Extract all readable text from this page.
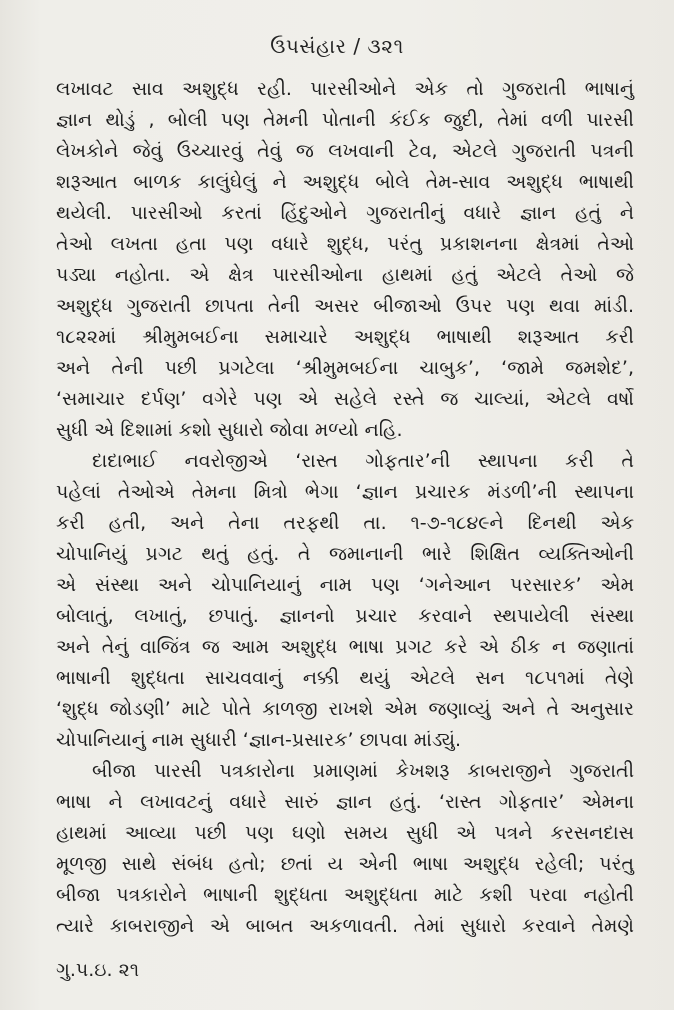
ઉપસંહાર / ૩૨૧
લખાવટ સાવ અશુદ્ધ રહી. પારસીઓને એક તો ગુજરાતી ભાષાનું
જ્ઞાન થોડું , બોલી પણ તેમની પોતાની કંઈક જુદી, તેમાં વળી પારસી
લેખકોને જેવું ઉચ્ચારવું તેવું જ લખવાની ટેવ, એટલે ગુજરાતી પત્રની
શરૂઆત બાળક કાલુંઘેલું ને અશુદ્ધ બોલે તેમ-સાવ અશુદ્ધ ભાષાથી
થયેલી. પારસીઓ કરતાં હિંદુઓને ગુજરાતીનું વધારે જ્ઞાન હતું ને
તેઓ લખતા હતા પણ વધારે શુદ્ધ, પરંતુ પ્રકાશનના ક્ષેત્રમાં તેઓ
પડ્યા નહોતા. એ ક્ષેત્ર પારસીઓના હાથમાં હતું એટલે તેઓ જે
અશુદ્ધ ગુજરાતી છાપતા તેની અસર બીજાઓ ઉપર પણ થવા માંડી.
૧૮૨૨માં શ્રીમુમબઈના સમાચારે અશુદ્ધ ભાષાથી શરૂઆત કરી
અને તેની પછી પ્રગટેલા ‘શ્રીમુમબઈના ચાબુક’, ‘જામે જમશેદ’,
‘સમાચાર દર્પણ’ વગેરે પણ એ સહેલે રસ્તે જ ચાલ્યાં, એટલે વર્ષો
સુધી એ દિશામાં કશો સુધારો જોવા મળ્યો નહિ.
દાદાભાઈ નવરોજીએ ‘રાસ્ત ગોફતાર’ની સ્થાપના કરી તે
પહેલાં તેઓએ તેમના મિત્રો ભેગા ‘જ્ઞાન પ્રચારક મંડળી’ની સ્થાપના
કરી હતી, અને તેના તરફથી તા. ૧-૭-૧૮૪૯ને દિનથી એક
ચોપાનિયું પ્રગટ થતું હતું. તે જમાનાની ભારે શિક્ષિત વ્યક્તિઓની
એ સંસ્થા અને ચોપાનિયાનું નામ પણ ‘ગનેઆન પરસારક’ એમ
બોલાતું, લખાતું, છપાતું. જ્ઞાનનો પ્રચાર કરવાને સ્થપાયેલી સંસ્થા
અને તેનું વાજિંત્ર જ આમ અશુદ્ધ ભાષા પ્રગટ કરે એ ઠીક ન જણાતાં
ભાષાની શુદ્ધતા સાચવવાનું નક્કી થયું એટલે સન ૧૮૫૧માં તેણે
‘શુદ્ધ જોડણી’ માટે પોતે કાળજી રાખશે એમ જણાવ્યું અને તે અનુસાર
ચોપાનિયાનું નામ સુધારી ‘જ્ઞાન-પ્રસારક’ છાપવા માંડ્યું.
બીજા પારસી પત્રકારોના પ્રમાણમાં કેખશરૂ કાબરાજીને ગુજરાતી
ભાષા ને લખાવટનું વધારે સારું જ્ઞાન હતું. ‘રાસ્ત ગોફતાર’ એમના
હાથમાં આવ્યા પછી પણ ઘણો સમય સુધી એ પત્રને કરસનદાસ
મૂળજી સાથે સંબંધ હતો; છતાં ય એની ભાષા અશુદ્ધ રહેલી; પરંતુ
બીજા પત્રકારોને ભાષાની શુદ્ધતા અશુદ્ધતા માટે કશી પરવા નહોતી
ત્યારે કાબરાજીને એ બાબત અકળાવતી. તેમાં સુધારો કરવાને તેમણે
ગુ.પ.ઇ. ૨૧
